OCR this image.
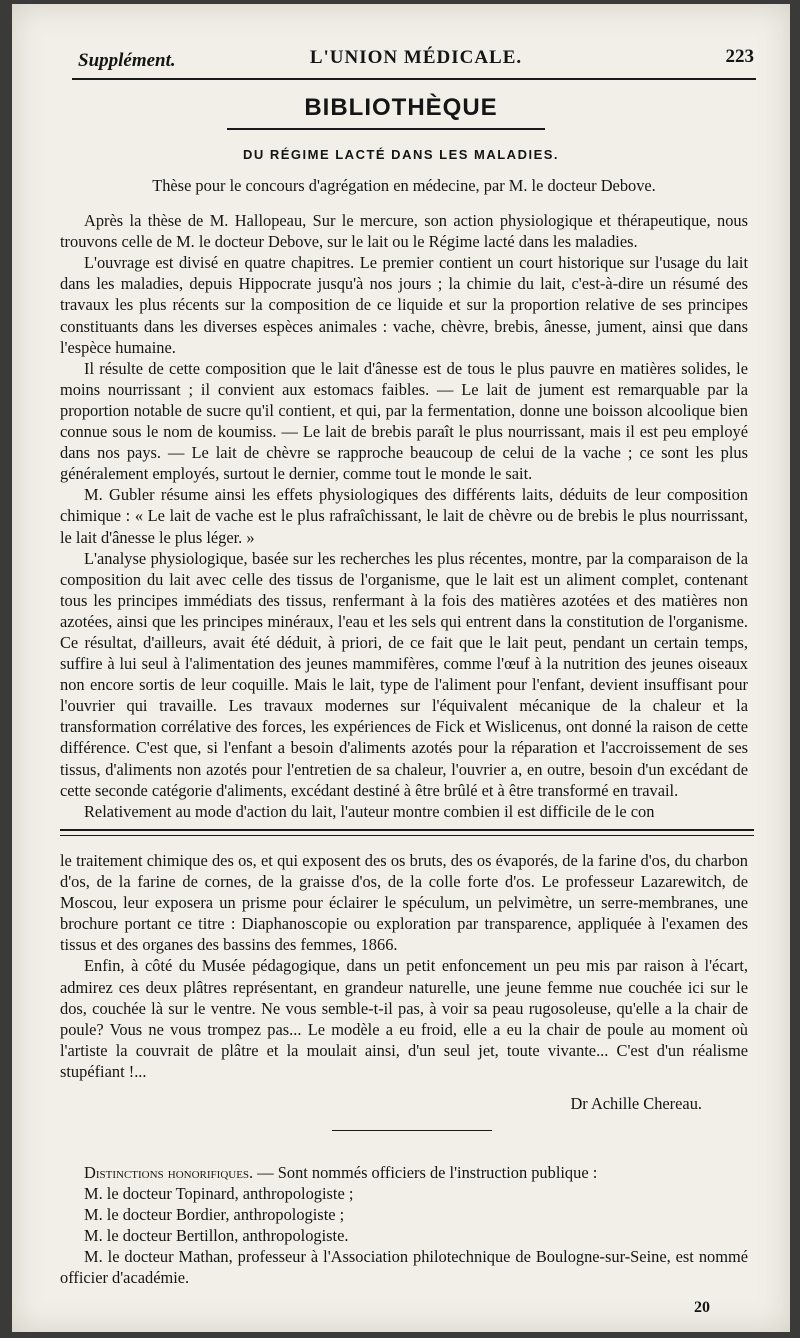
Supplément.	L'UNION MÉDICALE.	223
BIBLIOTHÈQUE
DU RÉGIME LACTÉ DANS LES MALADIES.

Thèse pour le concours d'agrégation en médecine, par M. le docteur Debove.

Après la thèse de M. Hallopeau, Sur le mercure, son action physiologique et thérapeutique, nous trouvons celle de M. le docteur Debove, sur le lait ou le Régime lacté dans les maladies.

L'ouvrage est divisé en quatre chapitres. Le premier contient un court historique sur l'usage du lait dans les maladies, depuis Hippocrate jusqu'à nos jours ; la chimie du lait, c'est-à-dire un résumé des travaux les plus récents sur la composition de ce liquide et sur la proportion relative de ses principes constituants dans les diverses espèces animales : vache, chèvre, brebis, ânesse, jument, ainsi que dans l'espèce humaine.

Il résulte de cette composition que le lait d'ânesse est de tous le plus pauvre en matières solides, le moins nourrissant ; il convient aux estomacs faibles. — Le lait de jument est remarquable par la proportion notable de sucre qu'il contient, et qui, par la fermentation, donne une boisson alcoolique bien connue sous le nom de koumiss. — Le lait de brebis paraît le plus nourrissant, mais il est peu employé dans nos pays. — Le lait de chèvre se rapproche beaucoup de celui de la vache ; ce sont les plus généralement employés, surtout le dernier, comme tout le monde le sait.

M. Gubler résume ainsi les effets physiologiques des différents laits, déduits de leur composition chimique : « Le lait de vache est le plus rafraîchissant, le lait de chèvre ou de brebis le plus nourrissant, le lait d'ânesse le plus léger. »

L'analyse physiologique, basée sur les recherches les plus récentes, montre, par la comparaison de la composition du lait avec celle des tissus de l'organisme, que le lait est un aliment complet, contenant tous les principes immédiats des tissus, renfermant à la fois des matières azotées et des matières non azotées, ainsi que les principes minéraux, l'eau et les sels qui entrent dans la constitution de l'organisme. Ce résultat, d'ailleurs, avait été déduit, à priori, de ce fait que le lait peut, pendant un certain temps, suffire à lui seul à l'alimentation des jeunes mammifères, comme l'œuf à la nutrition des jeunes oiseaux non encore sortis de leur coquille. Mais le lait, type de l'aliment pour l'enfant, devient insuffisant pour l'ouvrier qui travaille. Les travaux modernes sur l'équivalent mécanique de la chaleur et la transformation corrélative des forces, les expériences de Fick et Wislicenus, ont donné la raison de cette différence. C'est que, si l'enfant a besoin d'aliments azotés pour la réparation et l'accroissement de ses tissus, d'aliments non azotés pour l'entretien de sa chaleur, l'ouvrier a, en outre, besoin d'un excédant de cette seconde catégorie d'aliments, excédant destiné à être brûlé et à être transformé en travail.

Relativement au mode d'action du lait, l'auteur montre combien il est difficile de le con

le traitement chimique des os, et qui exposent des os bruts, des os évaporés, de la farine d'os, du charbon d'os, de la farine de cornes, de la graisse d'os, de la colle forte d'os. Le professeur Lazarewitch, de Moscou, leur exposera un prisme pour éclairer le spéculum, un pelvimètre, un serre-membranes, une brochure portant ce titre : Diaphanoscopie ou exploration par transparence, appliquée à l'examen des tissus et des organes des bassins des femmes, 1866.

Enfin, à côté du Musée pédagogique, dans un petit enfoncement un peu mis par raison à l'écart, admirez ces deux plâtres représentant, en grandeur naturelle, une jeune femme nue couchée ici sur le dos, couchée là sur le ventre. Ne vous semble-t-il pas, à voir sa peau rugosoleuse, qu'elle a la chair de poule? Vous ne vous trompez pas... Le modèle a eu froid, elle a eu la chair de poule au moment où l'artiste la couvrait de plâtre et la moulait ainsi, d'un seul jet, toute vivante... C'est d'un réalisme stupéfiant !...

Dr Achille Chereau.

Distinctions honorifiques. — Sont nommés officiers de l'instruction publique :

M. le docteur Topinard, anthropologiste ;

M. le docteur Bordier, anthropologiste ;

M. le docteur Bertillon, anthropologiste.

M. le docteur Mathan, professeur à l'Association philotechnique de Boulogne-sur-Seine, est nommé officier d'académie.

20
